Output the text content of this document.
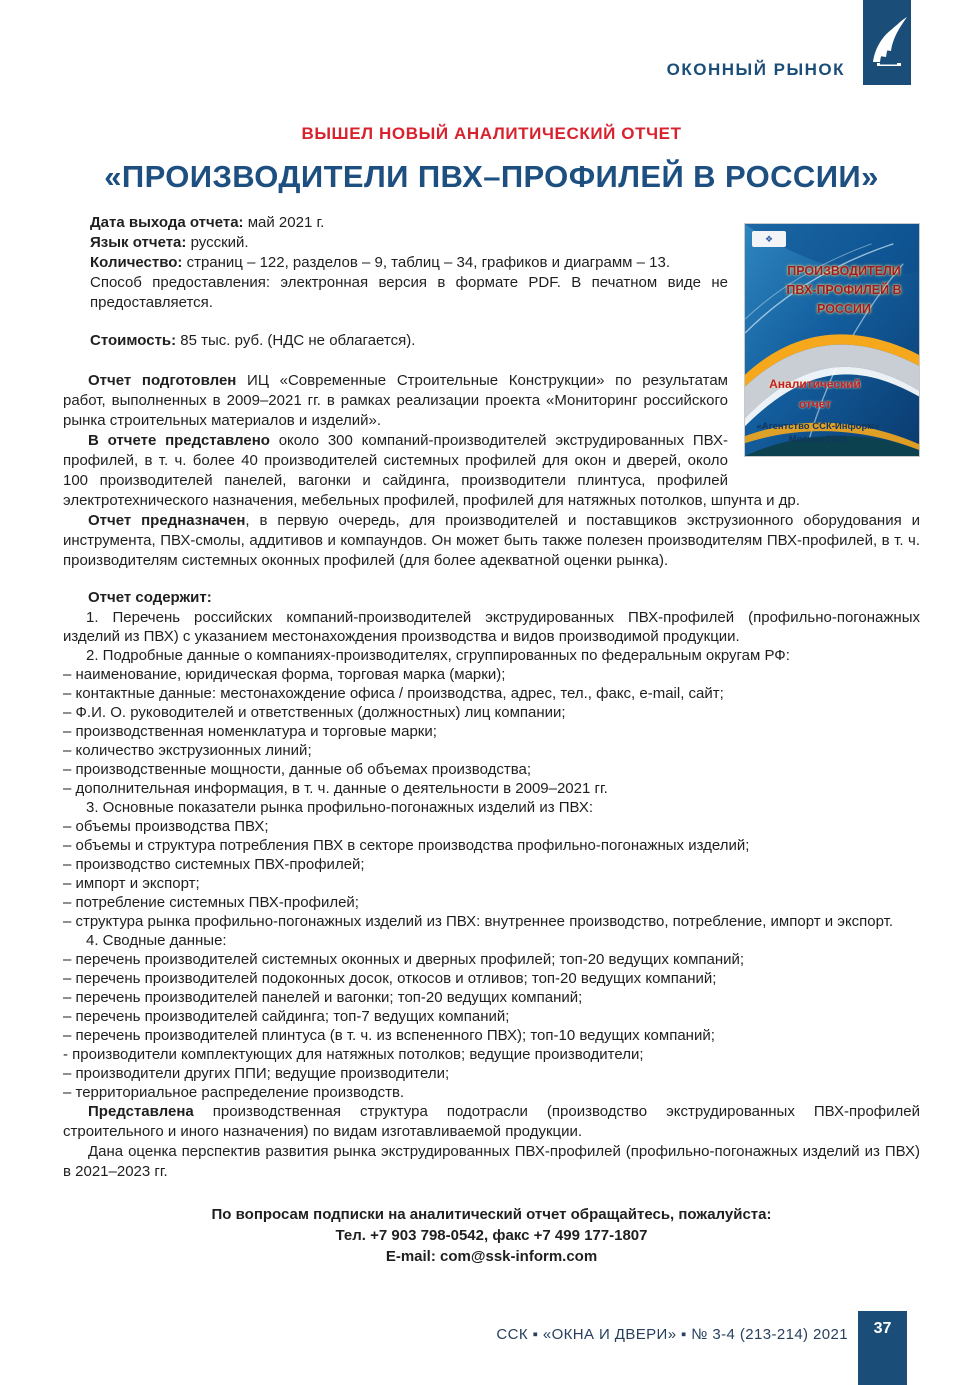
ОКОННЫЙ РЫНОК
ВЫШЕЛ НОВЫЙ АНАЛИТИЧЕСКИЙ ОТЧЕТ
«ПРОИЗВОДИТЕЛИ ПВХ–ПРОФИЛЕЙ В РОССИИ»
❖
ПРОИЗВОДИТЕЛИ
ПВХ-ПРОФИЛЕЙ В РОССИИ
Аналитический отчет
«Агентство ССК-Информ»
Москва 2021

Дата выхода отчета: май 2021 г.

Язык отчета: русский.

Количество: страниц – 122, разделов – 9, таблиц – 34, графиков и диаграмм – 13.

Способ предоставления: электронная версия в формате PDF. В печатном виде не предоставляется.

Стоимость: 85 тыс. руб. (НДС не облагается).

Отчет подготовлен ИЦ «Современные Строительные Конструкции» по результатам работ, выполненных в 2009–2021 гг. в рамках реализации проекта «Мониторинг российского рынка строительных материалов и изделий».

В отчете представлено около 300 компаний-производителей экструдированных ПВХ-профилей, в т. ч. более 40 производителей системных профилей для окон и дверей, около 100 производителей панелей, вагонки и сайдинга, производители плинтуса, профилей электротехнического назначения, мебельных профилей, профилей для натяжных потолков, шпунта и др.

Отчет предназначен, в первую очередь, для производителей и поставщиков экструзионного оборудования и инструмента, ПВХ-смолы, аддитивов и компаундов. Он может быть также полезен производителям ПВХ-профилей, в т. ч. производителям системных оконных профилей (для более адекватной оценки рынка).

Отчет содержит:
1. Перечень российских компаний-производителей экструдированных ПВХ-профилей (профильно-погонажных изделий из ПВХ) с указанием местонахождения производства и видов производимой продукции.
2. Подробные данные о компаниях-производителях, сгруппированных по федеральным округам РФ:
– наименование, юридическая форма, торговая марка (марки);
– контактные данные: местонахождение офиса / производства, адрес, тел., факс, e-mail, сайт;
– Ф.И. О. руководителей и ответственных (должностных) лиц компании;
– производственная номенклатура и торговые марки;
– количество экструзионных линий;
– производственные мощности, данные об объемах производства;
– дополнительная информация, в т. ч. данные о деятельности в 2009–2021 гг.
3. Основные показатели рынка профильно-погонажных изделий из ПВХ:
– объемы производства ПВХ;
– объемы и структура потребления ПВХ в секторе производства профильно-погонажных изделий;
– производство системных ПВХ-профилей;
– импорт и экспорт;
– потребление системных ПВХ-профилей;
– структура рынка профильно-погонажных изделий из ПВХ: внутреннее производство, потребление, импорт и экспорт.
4. Сводные данные:
– перечень производителей системных оконных и дверных профилей; топ-20 ведущих компаний;
– перечень производителей подоконных досок, откосов и отливов; топ-20 ведущих компаний;
– перечень производителей панелей и вагонки; топ-20 ведущих компаний;
– перечень производителей сайдинга; топ-7 ведущих компаний;
– перечень производителей плинтуса (в т. ч. из вспененного ПВХ); топ-10 ведущих компаний;
- производители комплектующих для натяжных потолков; ведущие производители;
– производители других ППИ; ведущие производители;
– территориальное распределение производств.

Представлена производственная структура подотрасли (производство экструдированных ПВХ-профилей строительного и иного назначения) по видам изготавливаемой продукции.

Дана оценка перспектив развития рынка экструдированных ПВХ-профилей (профильно-погонажных изделий из ПВХ) в 2021–2023 гг.

По вопросам подписки на аналитический отчет обращайтесь, пожалуйста:
Тел. +7 903 798-0542, факс +7 499 177-1807
E-mail: com@ssk-inform.com
ССК ▪ «ОКНА И ДВЕРИ» ▪ № 3-4 (213-214) 2021	37
